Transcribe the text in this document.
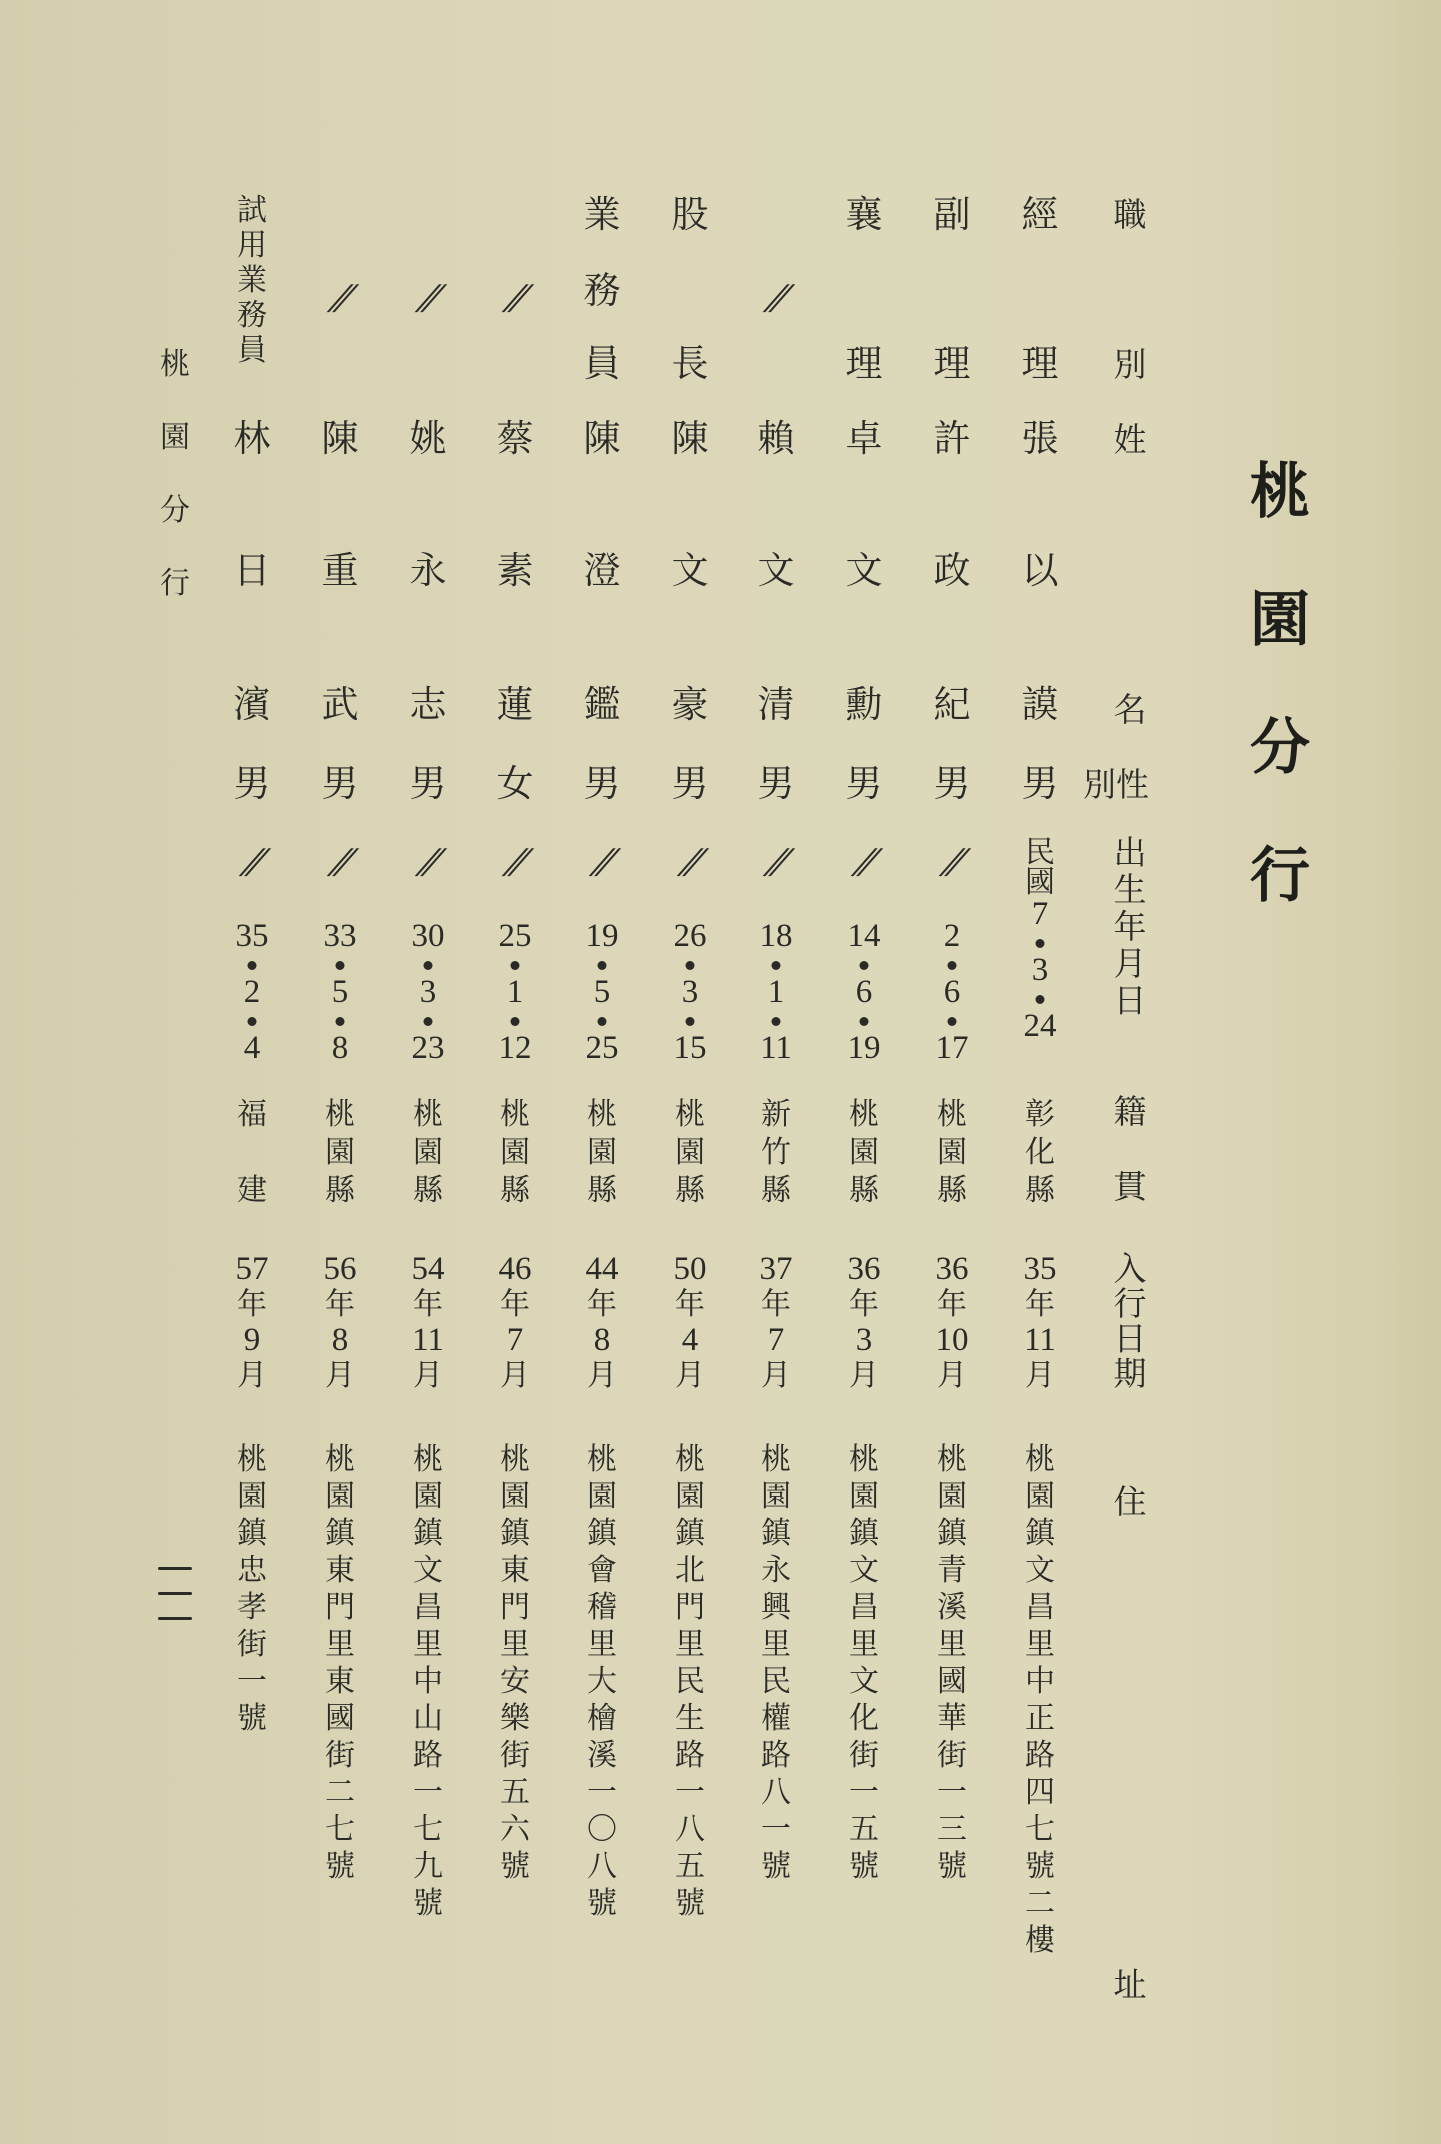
桃
園
分
行
職
別
姓
名
性
別
出
生
年
月
日
籍
貫
入
行
日
期
住
址
經
理
張
以
謨
男
民
國
7
3
24
彰
化
縣
35
年
11
月
桃
園
鎮
文
昌
里
中
正
路
四
七
號
二
樓
副
理
許
政
紀
男
//
2
6
17
桃
園
縣
36
年
10
月
桃
園
鎮
青
溪
里
國
華
街
一
三
號
襄
理
卓
文
勳
男
//
14
6
19
桃
園
縣
36
年
3
月
桃
園
鎮
文
昌
里
文
化
街
一
五
號
//
賴
文
清
男
//
18
1
11
新
竹
縣
37
年
7
月
桃
園
鎮
永
興
里
民
權
路
八
一
號
股
長
陳
文
豪
男
//
26
3
15
桃
園
縣
50
年
4
月
桃
園
鎮
北
門
里
民
生
路
一
八
五
號
業
務
員
陳
澄
鑑
男
//
19
5
25
桃
園
縣
44
年
8
月
桃
園
鎮
會
稽
里
大
檜
溪
一
〇
八
號
//
蔡
素
蓮
女
//
25
1
12
桃
園
縣
46
年
7
月
桃
園
鎮
東
門
里
安
樂
街
五
六
號
//
姚
永
志
男
//
30
3
23
桃
園
縣
54
年
11
月
桃
園
鎮
文
昌
里
中
山
路
一
七
九
號
//
陳
重
武
男
//
33
5
8
桃
園
縣
56
年
8
月
桃
園
鎮
東
門
里
東
國
街
二
七
號
試
用
業
務
員
林
日
濱
男
//
35
2
4
福

建
57
年
9
月
桃
園
鎮
忠
孝
街
一
號
桃
園
分
行
